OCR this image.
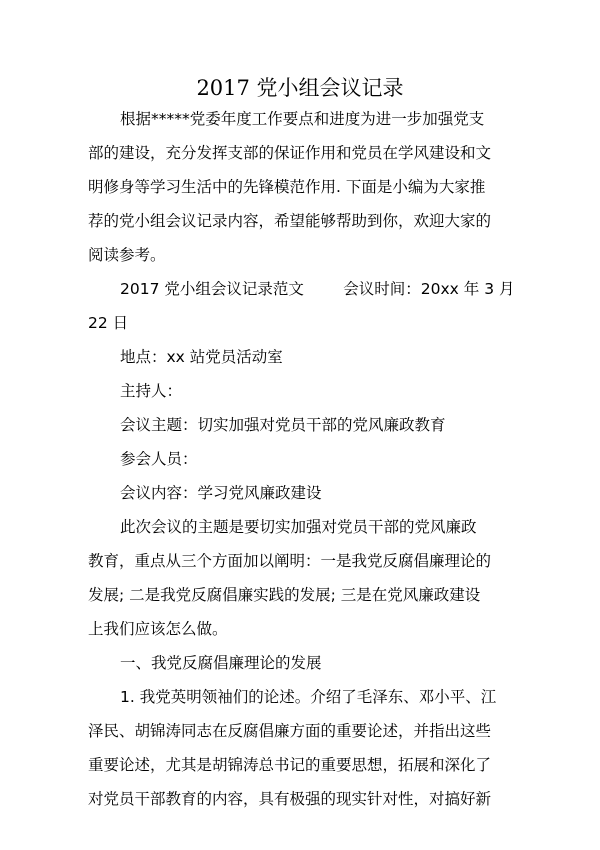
2017 党小组会议记录

根据*****党委年度工作要点和进度为进一步加强党支

部的建设，充分发挥支部的保证作用和党员在学风建设和文

明修身等学习生活中的先锋模范作用. 下面是小编为大家推

荐的党小组会议记录内容，希望能够帮助到你，欢迎大家的

阅读参考。

2017 党小组会议记录范文        会议时间：20xx 年 3 月

22 日

地点：xx 站党员活动室

主持人：

会议主题：切实加强对党员干部的党风廉政教育

参会人员：

会议内容：学习党风廉政建设

此次会议的主题是要切实加强对党员干部的党风廉政

教育，重点从三个方面加以阐明：一是我党反腐倡廉理论的

发展; 二是我党反腐倡廉实践的发展; 三是在党风廉政建设

上我们应该怎么做。

一、我党反腐倡廉理论的发展

1. 我党英明领袖们的论述。介绍了毛泽东、邓小平、江

泽民、胡锦涛同志在反腐倡廉方面的重要论述，并指出这些

重要论述，尤其是胡锦涛总书记的重要思想，拓展和深化了

对党员干部教育的内容，具有极强的现实针对性，对搞好新
